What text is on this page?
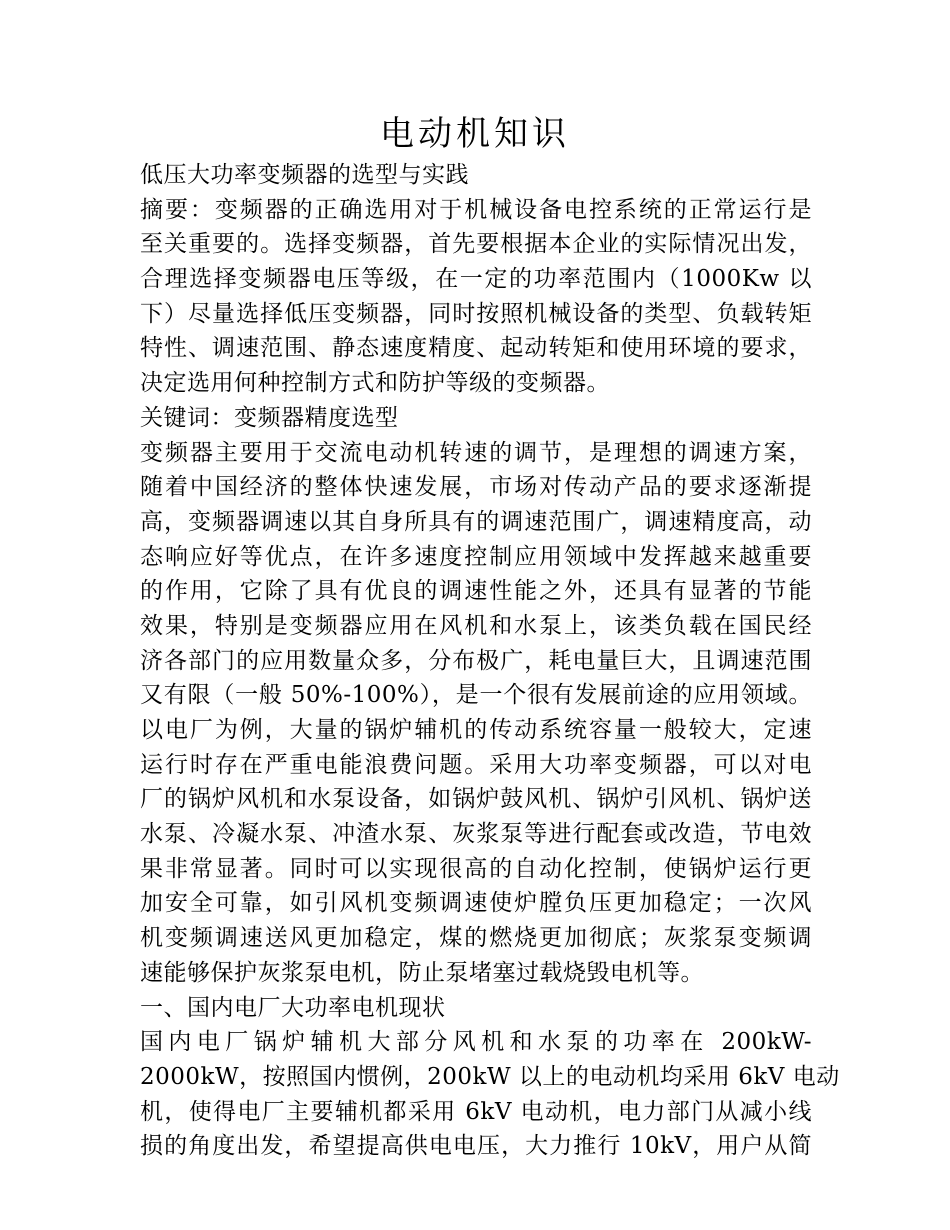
电动机知识
低压大功率变频器的选型与实践
摘要：变频器的正确选用对于机械设备电控系统的正常运行是
至关重要的。选择变频器，首先要根据本企业的实际情况出发，
合理选择变频器电压等级，在一定的功率范围内（1000Kw 以
下）尽量选择低压变频器，同时按照机械设备的类型、负载转矩
特性、调速范围、静态速度精度、起动转矩和使用环境的要求，
决定选用何种控制方式和防护等级的变频器。
关键词：变频器精度选型
变频器主要用于交流电动机转速的调节，是理想的调速方案，
随着中国经济的整体快速发展，市场对传动产品的要求逐渐提
高，变频器调速以其自身所具有的调速范围广，调速精度高，动
态响应好等优点，在许多速度控制应用领域中发挥越来越重要
的作用，它除了具有优良的调速性能之外，还具有显著的节能
效果，特别是变频器应用在风机和水泵上，该类负载在国民经
济各部门的应用数量众多，分布极广，耗电量巨大，且调速范围
又有限（一般 50%-100%），是一个很有发展前途的应用领域。
以电厂为例，大量的锅炉辅机的传动系统容量一般较大，定速
运行时存在严重电能浪费问题。采用大功率变频器，可以对电
厂的锅炉风机和水泵设备，如锅炉鼓风机、锅炉引风机、锅炉送
水泵、冷凝水泵、冲渣水泵、灰浆泵等进行配套或改造，节电效
果非常显著。同时可以实现很高的自动化控制，使锅炉运行更
加安全可靠，如引风机变频调速使炉膛负压更加稳定；一次风
机变频调速送风更加稳定，煤的燃烧更加彻底；灰浆泵变频调
速能够保护灰浆泵电机，防止泵堵塞过载烧毁电机等。
一、国内电厂大功率电机现状
国内电厂锅炉辅机大部分风机和水泵的功率在 200kW-
2000kW，按照国内惯例，200kW 以上的电动机均采用 6kV 电动
机，使得电厂主要辅机都采用 6kV 电动机，电力部门从减小线
损的角度出发，希望提高供电电压，大力推行 10kV，用户从简
